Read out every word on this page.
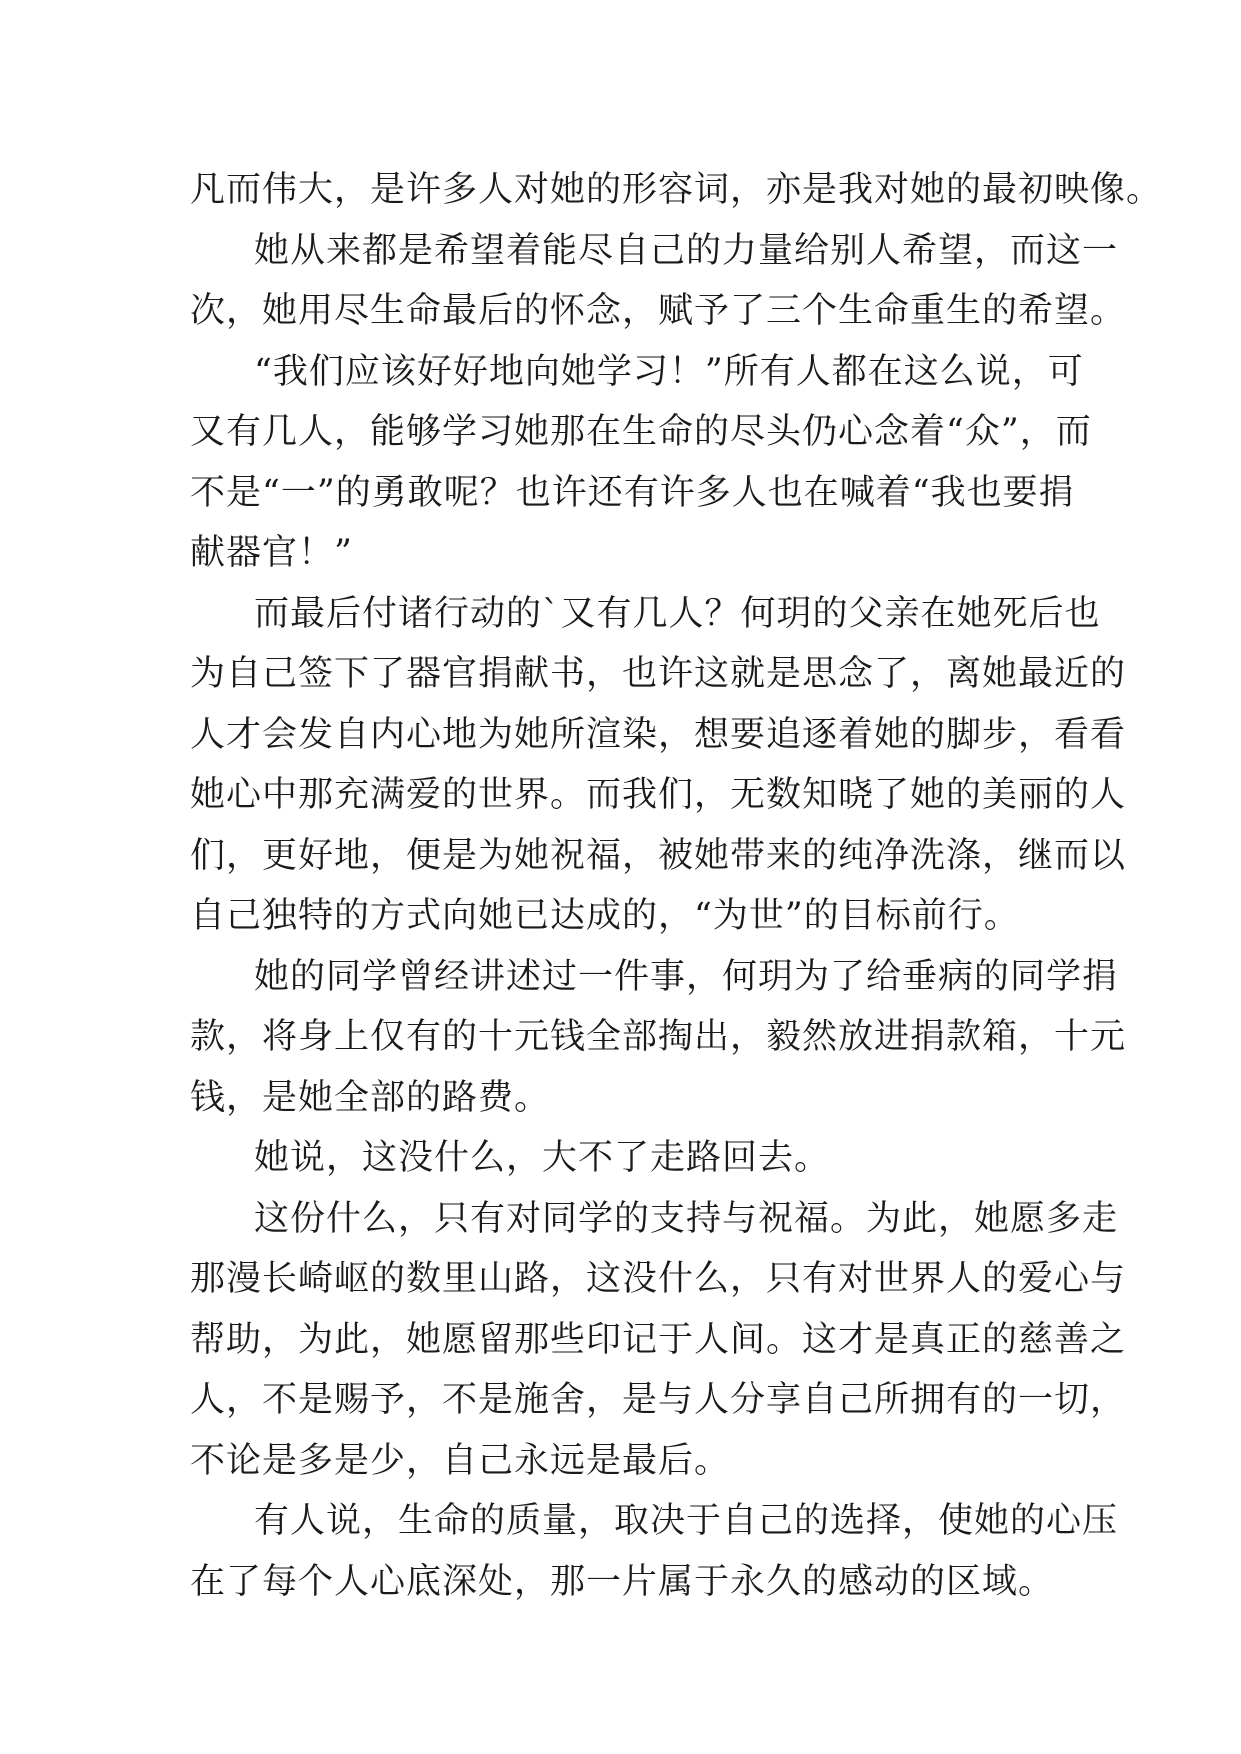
凡而伟大，是许多人对她的形容词，亦是我对她的最初映像。
她从来都是希望着能尽自己的力量给别人希望，而这一
次，她用尽生命最后的怀念，赋予了三个生命重生的希望。
“我们应该好好地向她学习！”所有人都在这么说，可
又有几人，能够学习她那在生命的尽头仍心念着“众”，而
不是“一”的勇敢呢？也许还有许多人也在喊着“我也要捐
献器官！”
而最后付诸行动的`又有几人？何玥的父亲在她死后也
为自己签下了器官捐献书，也许这就是思念了，离她最近的
人才会发自内心地为她所渲染，想要追逐着她的脚步，看看
她心中那充满爱的世界。而我们，无数知晓了她的美丽的人
们，更好地，便是为她祝福，被她带来的纯净洗涤，继而以
自己独特的方式向她已达成的，“为世”的目标前行。
她的同学曾经讲述过一件事，何玥为了给垂病的同学捐
款，将身上仅有的十元钱全部掏出，毅然放进捐款箱，十元
钱，是她全部的路费。
她说，这没什么，大不了走路回去。
这份什么，只有对同学的支持与祝福。为此，她愿多走
那漫长崎岖的数里山路，这没什么，只有对世界人的爱心与
帮助，为此，她愿留那些印记于人间。这才是真正的慈善之
人，不是赐予，不是施舍，是与人分享自己所拥有的一切，
不论是多是少，自己永远是最后。
有人说，生命的质量，取决于自己的选择，使她的心压
在了每个人心底深处，那一片属于永久的感动的区域。
